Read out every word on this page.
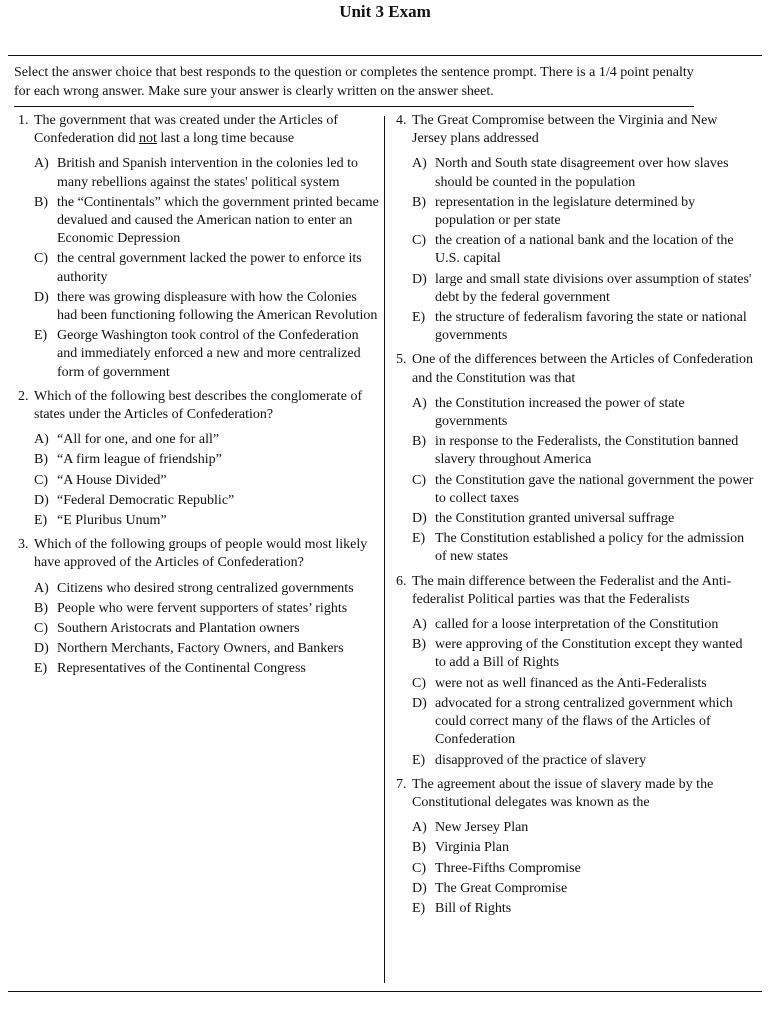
Unit 3 Exam
Select the answer choice that best responds to the question or completes the sentence prompt. There is a 1/4 point penalty for each wrong answer. Make sure your answer is clearly written on the answer sheet.
1. The government that was created under the Articles of Confederation did not last a long time because
A) British and Spanish intervention in the colonies led to many rebellions against the states' political system
B) the “Continentals” which the government printed became devalued and caused the American nation to enter an Economic Depression
C) the central government lacked the power to enforce its authority
D) there was growing displeasure with how the Colonies had been functioning following the American Revolution
E) George Washington took control of the Confederation and immediately enforced a new and more centralized form of government
2. Which of the following best describes the conglomerate of states under the Articles of Confederation?
A) “All for one, and one for all”
B) “A firm league of friendship”
C) “A House Divided”
D) “Federal Democratic Republic”
E) “E Pluribus Unum”
3. Which of the following groups of people would most likely have approved of the Articles of Confederation?
A) Citizens who desired strong centralized governments
B) People who were fervent supporters of states’ rights
C) Southern Aristocrats and Plantation owners
D) Northern Merchants, Factory Owners, and Bankers
E) Representatives of the Continental Congress
4. The Great Compromise between the Virginia and New Jersey plans addressed
A) North and South state disagreement over how slaves should be counted in the population
B) representation in the legislature determined by population or per state
C) the creation of a national bank and the location of the U.S. capital
D) large and small state divisions over assumption of states' debt by the federal government
E) the structure of federalism favoring the state or national governments
5. One of the differences between the Articles of Confederation and the Constitution was that
A) the Constitution increased the power of state governments
B) in response to the Federalists, the Constitution banned slavery throughout America
C) the Constitution gave the national government the power to collect taxes
D) the Constitution granted universal suffrage
E) The Constitution established a policy for the admission of new states
6. The main difference between the Federalist and the Anti-federalist Political parties was that the Federalists
A) called for a loose interpretation of the Constitution
B) were approving of the Constitution except they wanted to add a Bill of Rights
C) were not as well financed as the Anti-Federalists
D) advocated for a strong centralized government which could correct many of the flaws of the Articles of Confederation
E) disapproved of the practice of slavery
7. The agreement about the issue of slavery made by the Constitutional delegates was known as the
A) New Jersey Plan
B) Virginia Plan
C) Three-Fifths Compromise
D) The Great Compromise
E) Bill of Rights
